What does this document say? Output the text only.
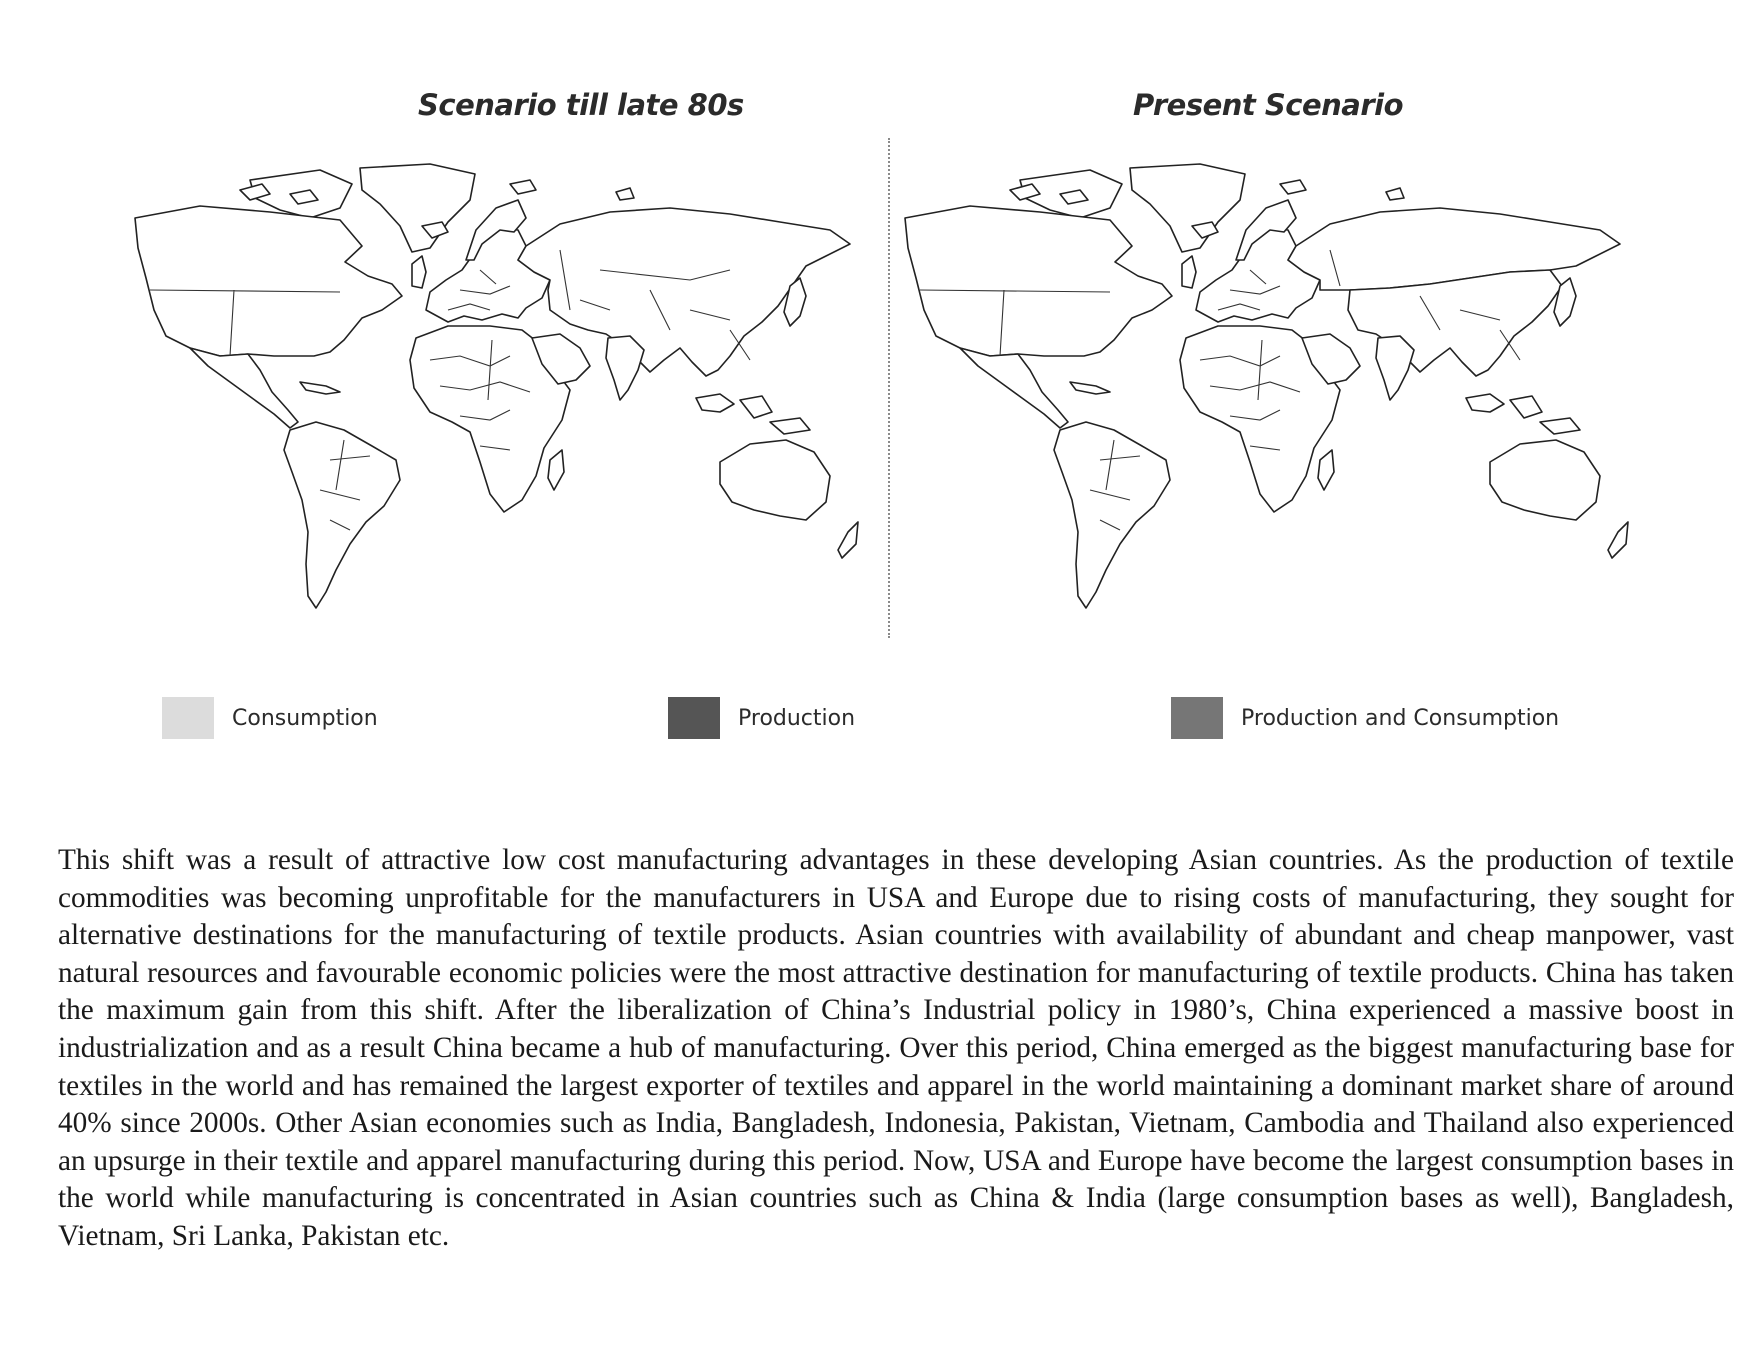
Scenario till late 80s	Present Scenario
Consumption	Production	Production and Consumption
This shift was a result of attractive low cost manufacturing advantages in these developing Asian countries. As the production of textile commodities was becoming unprofitable for the manufacturers in USA and Europe due to rising costs of manufacturing, they sought for alternative destinations for the manufacturing of textile products. Asian countries with availability of abundant and cheap manpower, vast natural resources and favourable economic policies were the most attractive destination for manufacturing of textile products. China has taken the maximum gain from this shift. After the liberalization of China’s Industrial policy in 1980’s, China experienced a massive boost in industrialization and as a result China became a hub of manufacturing. Over this period, China emerged as the biggest manufacturing base for textiles in the world and has remained the largest exporter of textiles and apparel in the world maintaining a dominant market share of around 40% since 2000s. Other Asian economies such as India, Bangladesh, Indonesia, Pakistan, Vietnam, Cambodia and Thailand also experienced an upsurge in their textile and apparel manufacturing during this period. Now, USA and Europe have become the largest consumption bases in the world while manufacturing is concentrated in Asian countries such as China & India (large consumption bases as well), Bangladesh, Vietnam, Sri Lanka, Pakistan etc.
